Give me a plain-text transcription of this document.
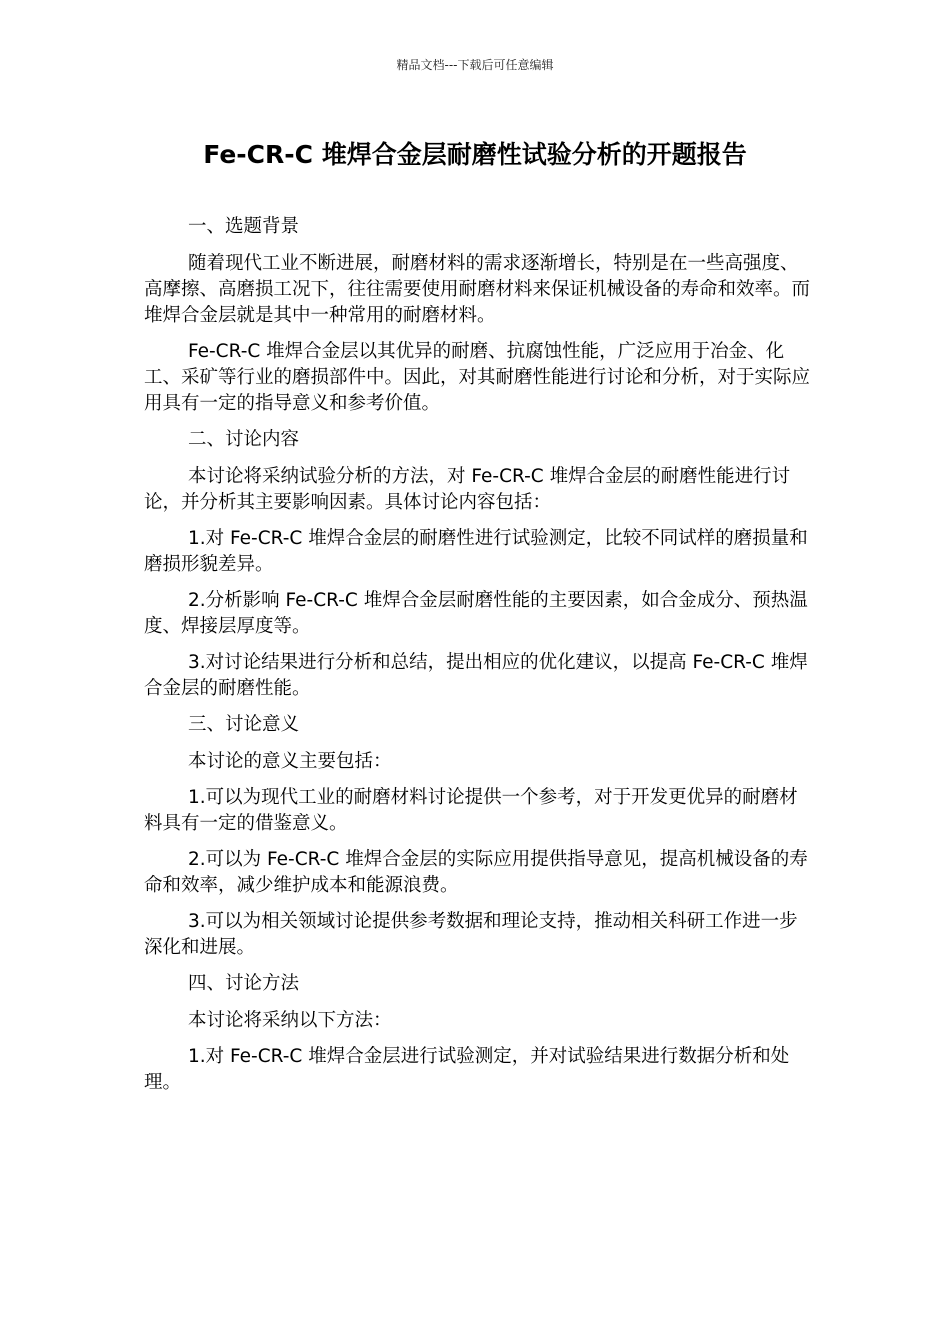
精品文档---下载后可任意编辑
Fe-CR-C 堆焊合金层耐磨性试验分析的开题报告
一、选题背景

随着现代工业不断进展，耐磨材料的需求逐渐增长，特别是在一些高强度、高摩擦、高磨损工况下，往往需要使用耐磨材料来保证机械设备的寿命和效率。而堆焊合金层就是其中一种常用的耐磨材料。

Fe-CR-C 堆焊合金层以其优异的耐磨、抗腐蚀性能，广泛应用于冶金、化工、采矿等行业的磨损部件中。因此，对其耐磨性能进行讨论和分析，对于实际应用具有一定的指导意义和参考价值。

二、讨论内容

本讨论将采纳试验分析的方法，对 Fe-CR-C 堆焊合金层的耐磨性能进行讨论，并分析其主要影响因素。具体讨论内容包括：

1.对 Fe-CR-C 堆焊合金层的耐磨性进行试验测定，比较不同试样的磨损量和磨损形貌差异。

2.分析影响 Fe-CR-C 堆焊合金层耐磨性能的主要因素，如合金成分、预热温度、焊接层厚度等。

3.对讨论结果进行分析和总结，提出相应的优化建议，以提高 Fe-CR-C 堆焊合金层的耐磨性能。

三、讨论意义

本讨论的意义主要包括：

1.可以为现代工业的耐磨材料讨论提供一个参考，对于开发更优异的耐磨材料具有一定的借鉴意义。

2.可以为 Fe-CR-C 堆焊合金层的实际应用提供指导意见，提高机械设备的寿命和效率，减少维护成本和能源浪费。

3.可以为相关领域讨论提供参考数据和理论支持，推动相关科研工作进一步深化和进展。

四、讨论方法

本讨论将采纳以下方法：

1.对 Fe-CR-C 堆焊合金层进行试验测定，并对试验结果进行数据分析和处理。
